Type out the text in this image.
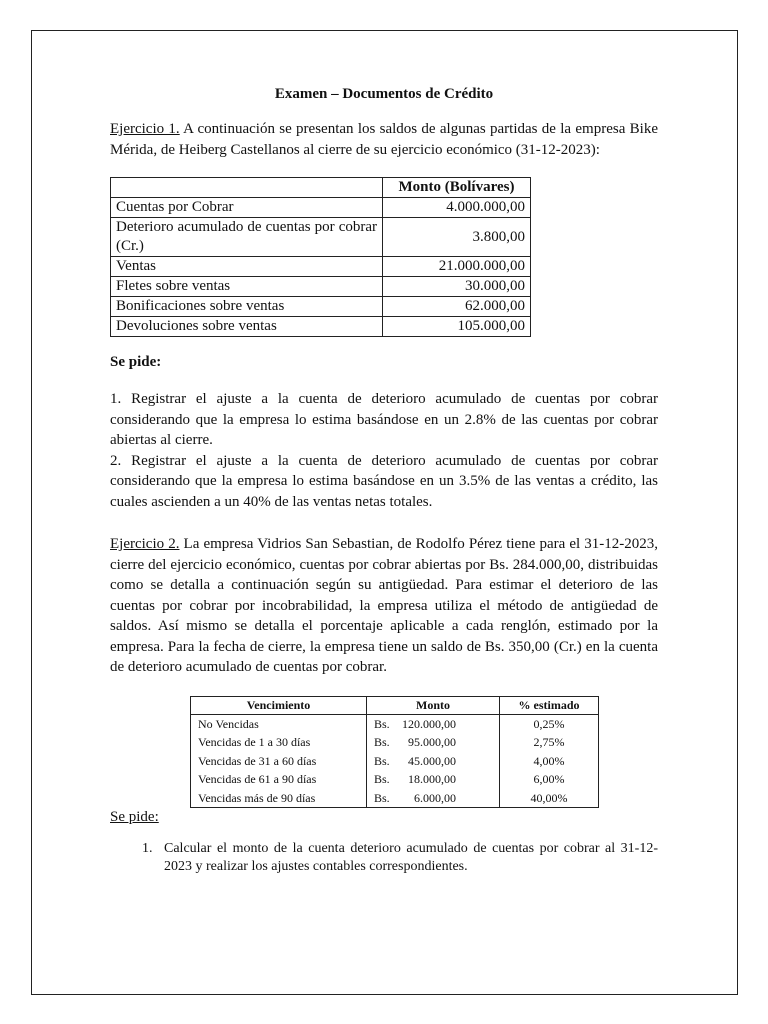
Examen – Documentos de Crédito

Ejercicio 1. A continuación se presentan los saldos de algunas partidas de la empresa Bike Mérida, de Heiberg Castellanos al cierre de su ejercicio económico (31-12-2023):

	Monto (Bolívares)
Cuentas por Cobrar	4.000.000,00
Deterioro acumulado de cuentas por cobrar (Cr.)	3.800,00
Ventas	21.000.000,00
Fletes sobre ventas	30.000,00
Bonificaciones sobre ventas	62.000,00
Devoluciones sobre ventas	105.000,00
Se pide:

1. Registrar el ajuste a la cuenta de deterioro acumulado de cuentas por cobrar considerando que la empresa lo estima basándose en un 2.8% de las cuentas por cobrar abiertas al cierre.

2. Registrar el ajuste a la cuenta de deterioro acumulado de cuentas por cobrar considerando que la empresa lo estima basándose en un 3.5% de las ventas a crédito, las cuales ascienden a un 40% de las ventas netas totales.

Ejercicio 2. La empresa Vidrios San Sebastian, de Rodolfo Pérez tiene para el 31-12-2023, cierre del ejercicio económico, cuentas por cobrar abiertas por Bs. 284.000,00, distribuidas como se detalla a continuación según su antigüedad. Para estimar el deterioro de las cuentas por cobrar por incobrabilidad, la empresa utiliza el método de antigüedad de saldos. Así mismo se detalla el porcentaje aplicable a cada renglón, estimado por la empresa. Para la fecha de cierre, la empresa tiene un saldo de Bs. 350,00 (Cr.) en la cuenta de deterioro acumulado de cuentas por cobrar.

Vencimiento	Monto	% estimado
No Vencidas	Bs. 120.000,00	0,25%
Vencidas de 1 a 30 días	Bs. 95.000,00	2,75%
Vencidas de 31 a 60 días	Bs. 45.000,00	4,00%
Vencidas de 61 a 90 días	Bs. 18.000,00	6,00%
Vencidas más de 90 días	Bs. 6.000,00	40,00%
Se pide:
1. Calcular el monto de la cuenta deterioro acumulado de cuentas por cobrar al 31-12-2023 y realizar los ajustes contables correspondientes.
